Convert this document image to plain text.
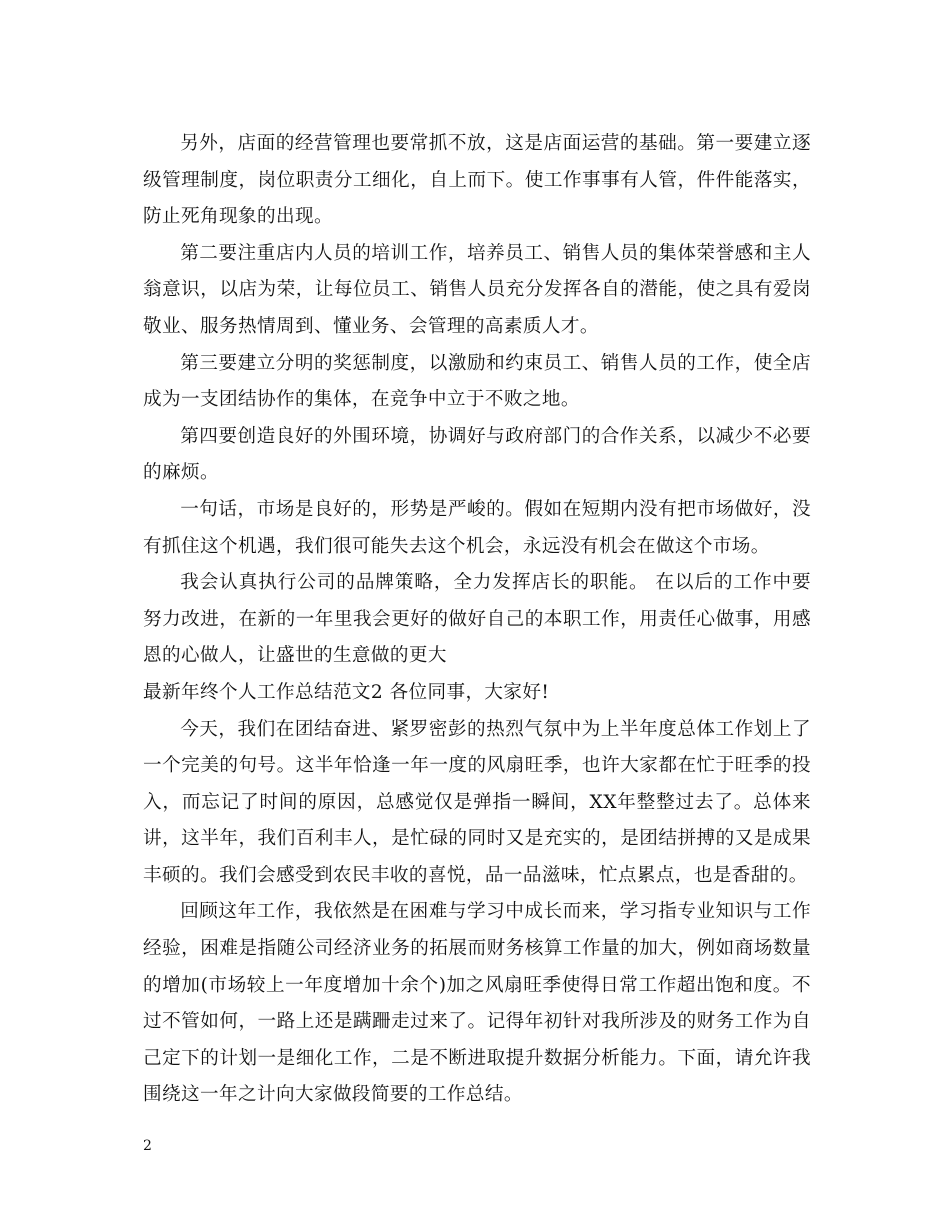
另外，店面的经营管理也要常抓不放，这是店面运营的基础。第一要建立逐级管理制度，岗位职责分工细化，自上而下。使工作事事有人管，件件能落实，防止死角现象的出现。

第二要注重店内人员的培训工作，培养员工、销售人员的集体荣誉感和主人翁意识，以店为荣，让每位员工、销售人员充分发挥各自的潜能，使之具有爱岗敬业、服务热情周到、懂业务、会管理的高素质人才。

第三要建立分明的奖惩制度，以激励和约束员工、销售人员的工作，使全店成为一支团结协作的集体，在竞争中立于不败之地。

第四要创造良好的外围环境，协调好与政府部门的合作关系，以减少不必要的麻烦。

一句话，市场是良好的，形势是严峻的。假如在短期内没有把市场做好，没有抓住这个机遇，我们很可能失去这个机会，永远没有机会在做这个市场。

我会认真执行公司的品牌策略，全力发挥店长的职能。 在以后的工作中要努力改进，在新的一年里我会更好的做好自己的本职工作，用责任心做事，用感恩的心做人，让盛世的生意做的更大

最新年终个人工作总结范文2 各位同事，大家好!

今天，我们在团结奋进、紧罗密彭的热烈气氛中为上半年度总体工作划上了一个完美的句号。这半年恰逢一年一度的风扇旺季，也许大家都在忙于旺季的投入，而忘记了时间的原因，总感觉仅是弹指一瞬间，XX年整整过去了。总体来讲，这半年，我们百利丰人，是忙碌的同时又是充实的，是团结拼搏的又是成果丰硕的。我们会感受到农民丰收的喜悦，品一品滋味，忙点累点，也是香甜的。

回顾这年工作，我依然是在困难与学习中成长而来，学习指专业知识与工作经验，困难是指随公司经济业务的拓展而财务核算工作量的加大，例如商场数量的增加(市场较上一年度增加十余个)加之风扇旺季使得日常工作超出饱和度。不过不管如何，一路上还是蹒跚走过来了。记得年初针对我所涉及的财务工作为自己定下的计划一是细化工作，二是不断进取提升数据分析能力。下面，请允许我围绕这一年之计向大家做段简要的工作总结。

2
